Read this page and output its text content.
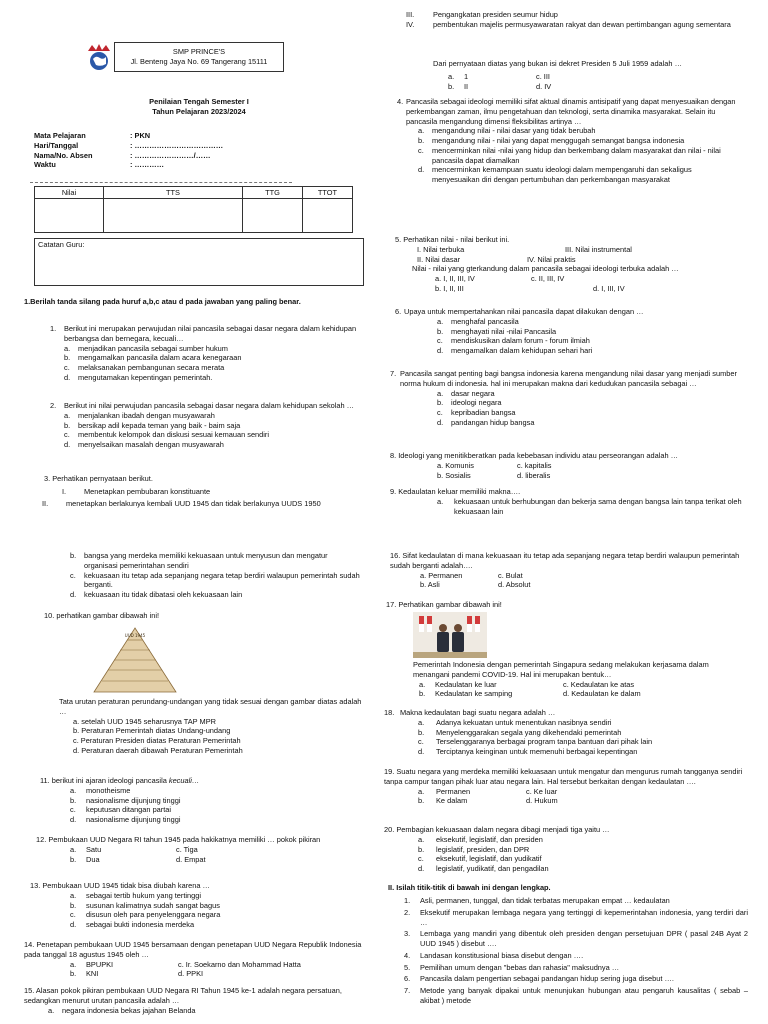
SMP PRINCE'S
Jl. Benteng Jaya No. 69 Tangerang 15111
Penilaian Tengah Semester I
Tahun Pelajaran 2023/2024
Mata Pelajaran	: PKN
Hari/Tanggal	: ………………………………
Nama/No. Absen	: ……………………/……
Waktu	: …………
Nilai	TTS	TTG	TTOT

Catatan Guru:
1.Berilah tanda silang pada huruf a,b,c atau d pada jawaban yang paling benar.
1.	Berikut ini merupakan perwujudan nilai pancasila sebagai dasar negara dalam kehidupan berbangsa dan bernegara, kecuali…
a.	menjadikan pancasila sebagai sumber hukum
b.	mengamalkan pancasila dalam acara kenegaraan
c.	melaksanakan pembangunan secara merata
d.	mengutamakan kepentingan pemerintah.
2.	Berikut ini nilai perwujudan pancasila sebagai dasar negara dalam kehidupan sekolah …
a.	menjalankan ibadah dengan musyawarah
b.	bersikap adil kepada teman yang baik - baim saja
c.	membentuk kelompok dan diskusi sesuai kemauan sendiri
d.	menyelsaikan masalah dengan musyawarah
3. Perhatikan pernyataan berikut.
I.	Menetapkan pembubaran konstituante
II.	menetapkan berlakunya kembali UUD 1945 dan tidak berlakunya UUDS 1950
III.	Pengangkatan presiden seumur hidup
IV.	pembentukan majelis permusyawaratan rakyat dan dewan pertimbangan agung sementara
Dari pernyataan diatas yang bukan isi dekret Presiden 5 Juli 1959 adalah …
a.	1	c. III
b.	II	d. IV
4. Pancasila sebagai ideologi memiliki sifat aktual dinamis antisipatif yang dapat menyesuaikan dengan perkembangan zaman, ilmu pengetahuan dan teknologi, serta dinamika masyarakat. Selain itu pancasila mengandung dimensi fleksibilitas artinya …
a.	mengandung nilai - nilai dasar yang tidak berubah
b.	mengandung nilai - nilai yang dapat menggugah semangat bangsa indonesia
c.	mencerminkan nilai -nilai yang hidup dan berkembang dalam masyarakat dan nilai - nilai pancasila dapat diamalkan
d.	mencerminkan kemampuan suatu ideologi dalam mempengaruhi dan sekaligus menyesuaikan diri dengan pertumbuhan dan perkembangan masyarakat
5. Perhatikan nilai - nilai berikut ini.
I. Nilai terbuka	III. Nilai instrumental
II. Nilai dasar	IV. Nilai praktis
Nilai - nilai yang gterkandung dalam pancasila sebagai ideologi terbuka adalah …
a. I, II, III, IV	c. II, III, IV
b. I, II, III	d. I, III, IV
6. Upaya untuk mempertahankan nilai pancasila dapat dilakukan dengan …
a.	menghafal pancasila
b.	menghayati nilai -nilai Pancasila
c.	mendiskusikan dalam forum - forum ilmiah
d.	mengamalkan dalam kehidupan sehari hari
7. Pancasila sangat penting bagi bangsa indonesia karena mengandung nilai dasar yang menjadi sumber norma hukum di indonesia. hal ini merupakan makna dari kedudukan pancasila sebagai …
a.	dasar negara
b.	ideologi negara
c.	kepribadian bangsa
d.	pandangan hidup bangsa
8. Ideologi yang menitikberatkan pada kebebasan individu atau perseorangan adalah …
a. Komunis	c. kapitalis
b. Sosialis	d. liberalis
9. Kedaulatan keluar memiliki makna….
a.	kekuasaan untuk berhubungan dan bekerja sama dengan bangsa lain tanpa terikat oleh kekuasaan lain
b.	bangsa yang merdeka memiliki kekuasaan untuk menyusun dan mengatur organisasi pemerintahan sendiri
c.	kekuasaan itu tetap ada sepanjang negara tetap berdiri walaupun pemerintah sudah berganti.
d.	kekuasaan itu tidak dibatasi oleh kekuasaan lain
10. perhatikan gambar dibawah ini!
UUD 1945
Tata urutan peraturan perundang-undangan yang tidak sesuai dengan gambar diatas adalah …
a. setelah UUD 1945 seharusnya TAP MPR
b. Peraturan Pemerintah diatas Undang-undang
c. Peraturan Presiden diatas Peraturan Pemerintah
d. Peraturan daerah dibawah Peraturan Pemerintah
11. berikut ini ajaran ideologi pancasila kecuali…
a.	monotheisme
b.	nasionalisme dijunjung tinggi
c.	keputusan ditangan partai
d.	nasionalisme dijunjung tinggi
12. Pembukaan UUD Negara RI tahun 1945 pada hakikatnya memiliki … pokok pikiran
a.	Satu	c. Tiga
b.	Dua	d. Empat
13. Pembukaan UUD 1945 tidak bisa diubah karena …
a.	sebagai tertib hukum yang tertinggi
b.	susunan kalimatnya sudah sangat bagus
c.	disusun oleh para penyelenggara negara
d.	sebagai bukti indonesia merdeka
14. Penetapan pembukaan UUD 1945 bersamaan dengan penetapan UUD Negara Republik Indonesia pada tanggal 18 agustus 1945 oleh …
a.	BPUPKI	c. Ir. Soekarno dan Mohammad Hatta
b.	KNI	d. PPKI
15. Alasan pokok pikiran pembukaan UUD Negara RI Tahun 1945 ke-1 adalah negara persatuan, sedangkan menurut urutan pancasila adalah …
a.	negara indonesia bekas jajahan Belanda
16. Sifat kedaulatan di mana kekuasaan itu tetap ada sepanjang negara tetap berdiri walaupun pemerintah sudah berganti adalah….
a. Permanen	c. Bulat
b. Asli	d. Absolut
17. Perhatikan gambar dibawah ini!
Pemerintah Indonesia dengan pemerintah Singapura sedang melakukan kerjasama dalam menangani pandemi COVID-19. Hal ini merupakan bentuk…
a.	Kedaulatan ke luar	c. Kedaulatan ke atas
b.	Kedaulatan ke samping	d. Kedaulatan ke dalam
18. Makna kedaulatan bagi suatu negara adalah …
a.	Adanya kekuatan untuk menentukan nasibnya sendiri
b.	Menyelenggarakan segala yang dikehendaki pemerintah
c.	Terselenggaranya berbagai program tanpa bantuan dari pihak lain
d.	Terciptanya keinginan untuk memenuhi berbagai kepentingan
19. Suatu negara yang merdeka memiliki kekuasaan untuk mengatur dan mengurus rumah tangganya sendiri tanpa campur tangan pihak luar atau negara lain. Hal tersebut berkaitan dengan kedaulatan ….
a.	Permanen	c. Ke luar
b.	Ke dalam	d. Hukum
20. Pembagian kekuasaan dalam negara dibagi menjadi tiga yaitu …
a.	eksekutif, legislatif, dan presiden
b.	legislatif, presiden, dan DPR
c.	eksekutif, legislatif, dan yudikatif
d.	legislatif, yudikatif, dan pengadilan
II. Isilah titik-titik di bawah ini dengan lengkap.
1.	Asli, permanen, tunggal, dan tidak terbatas merupakan empat … kedaulatan
2.	Eksekutif merupakan lembaga negara yang tertinggi di kepemerintahan indonesia, yang terdiri dari …
3.	Lembaga yang mandiri yang dibentuk oleh presiden dengan persetujuan DPR ( pasal 24B Ayat 2 UUD 1945 ) disebut ….
4.	Landasan konstitusional biasa disebut dengan ….
5.	Pemilihan umum dengan "bebas dan rahasia" maksudnya …
6.	Pancasila dalam pengertian sebagai pandangan hidup sering juga disebut ….
7.	Metode yang banyak dipakai untuk menunjukan hubungan atau pengaruh kausalitas ( sebab – akibat ) metode
